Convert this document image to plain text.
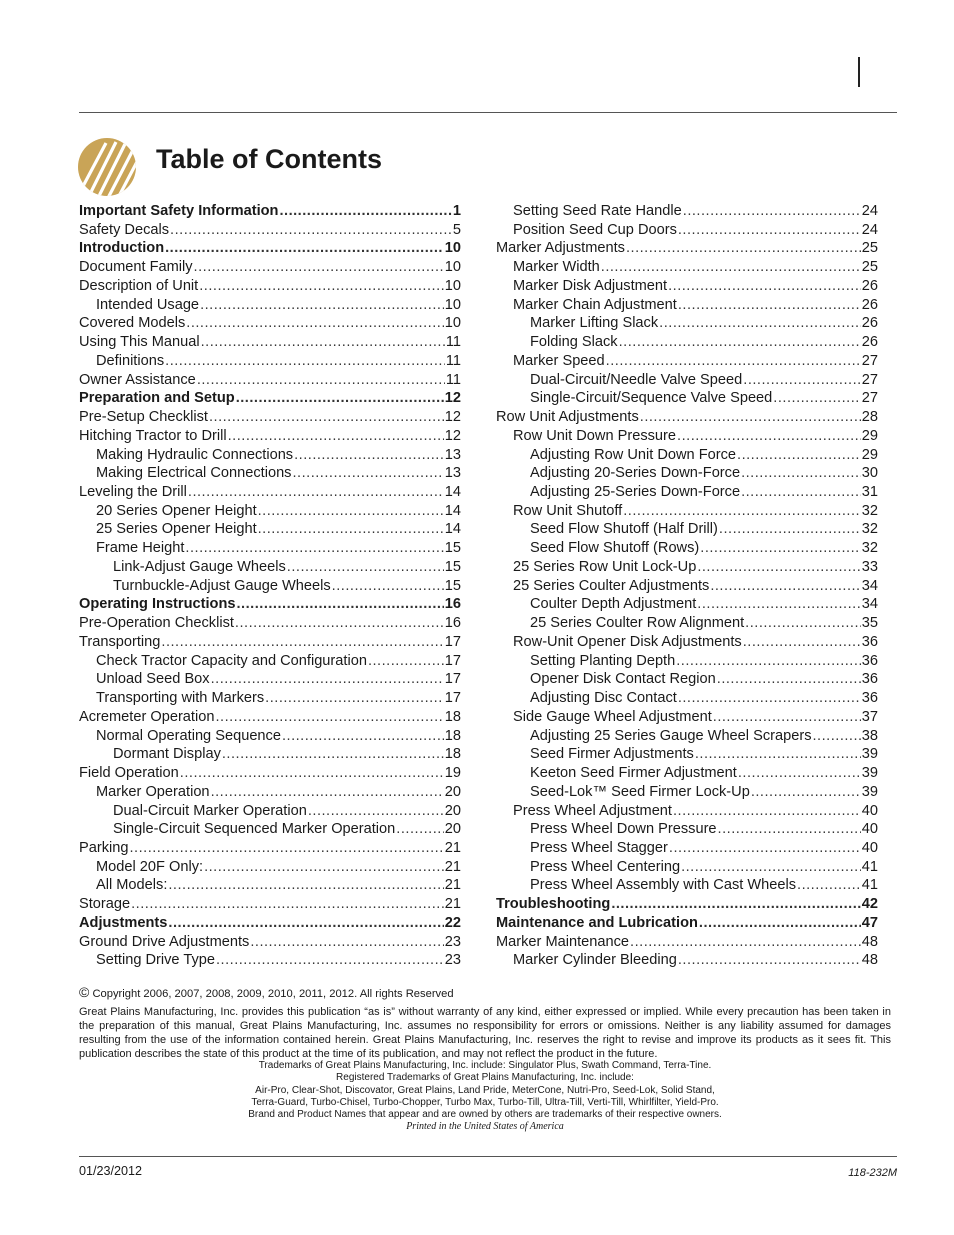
Table of Contents
Important Safety Information .....	1
Safety Decals .....	5
Introduction .....	10
Document Family .....	10
Description of Unit .....	10
Intended Usage .....	10
Covered Models .....	10
Using This Manual .....	11
Definitions .....	11
Owner Assistance .....	11
Preparation and Setup .....	12
Pre-Setup Checklist .....	12
Hitching Tractor to Drill .....	12
Making Hydraulic Connections .....	13
Making Electrical Connections .....	13
Leveling the Drill .....	14
20 Series Opener Height .....	14
25 Series Opener Height .....	14
Frame Height .....	15
Link-Adjust Gauge Wheels .....	15
Turnbuckle-Adjust Gauge Wheels .....	15
Operating Instructions .....	16
Pre-Operation Checklist .....	16
Transporting .....	17
Check Tractor Capacity and Configuration .....	17
Unload Seed Box .....	17
Transporting with Markers .....	17
Acremeter Operation .....	18
Normal Operating Sequence .....	18
Dormant Display .....	18
Field Operation .....	19
Marker Operation .....	20
Dual-Circuit Marker Operation .....	20
Single-Circuit Sequenced Marker Operation .....	20
Parking .....	21
Model 20F Only: .....	21
All Models: .....	21
Storage .....	21
Adjustments .....	22
Ground Drive Adjustments .....	23
Setting Drive Type .....	23
Setting Seed Rate Handle .....	24
Position Seed Cup Doors .....	24
Marker Adjustments .....	25
Marker Width .....	25
Marker Disk Adjustment .....	26
Marker Chain Adjustment .....	26
Marker Lifting Slack .....	26
Folding Slack .....	26
Marker Speed .....	27
Dual-Circuit/Needle Valve Speed .....	27
Single-Circuit/Sequence Valve Speed .....	27
Row Unit Adjustments .....	28
Row Unit Down Pressure .....	29
Adjusting Row Unit Down Force .....	29
Adjusting 20-Series Down-Force .....	30
Adjusting 25-Series Down-Force .....	31
Row Unit Shutoff .....	32
Seed Flow Shutoff (Half Drill) .....	32
Seed Flow Shutoff (Rows) .....	32
25 Series Row Unit Lock-Up .....	33
25 Series Coulter Adjustments .....	34
Coulter Depth Adjustment .....	34
25 Series Coulter Row Alignment .....	35
Row-Unit Opener Disk Adjustments .....	36
Setting Planting Depth .....	36
Opener Disk Contact Region .....	36
Adjusting Disc Contact .....	36
Side Gauge Wheel Adjustment .....	37
Adjusting 25 Series Gauge Wheel Scrapers .....	38
Seed Firmer Adjustments .....	39
Keeton Seed Firmer Adjustment .....	39
Seed-Lok™ Seed Firmer Lock-Up .....	39
Press Wheel Adjustment .....	40
Press Wheel Down Pressure .....	40
Press Wheel Stagger .....	40
Press Wheel Centering .....	41
Press Wheel Assembly with Cast Wheels .....	41
Troubleshooting .....	42
Maintenance and Lubrication .....	47
Marker Maintenance .....	48
Marker Cylinder Bleeding .....	48
© Copyright 2006, 2007, 2008, 2009, 2010, 2011, 2012. All rights Reserved

Great Plains Manufacturing, Inc. provides this publication “as is” without warranty of any kind, either expressed or implied. While every precaution has been taken in the preparation of this manual, Great Plains Manufacturing, Inc. assumes no responsibility for errors or omissions. Neither is any liability assumed for damages resulting from the use of the information contained herein. Great Plains Manufacturing, Inc. reserves the right to revise and improve its products as it sees fit. This publication describes the state of this product at the time of its publication, and may not reflect the product in the future.

Trademarks of Great Plains Manufacturing, Inc. include: Singulator Plus, Swath Command, Terra-Tine.
Registered Trademarks of Great Plains Manufacturing, Inc. include:
Air-Pro, Clear-Shot, Discovator, Great Plains, Land Pride, MeterCone, Nutri-Pro, Seed-Lok, Solid Stand,
Terra-Guard, Turbo-Chisel, Turbo-Chopper, Turbo Max, Turbo-Till, Ultra-Till, Verti-Till, Whirlfilter, Yield-Pro.
Brand and Product Names that appear and are owned by others are trademarks of their respective owners.
Printed in the United States of America
01/23/2012	118-232M
